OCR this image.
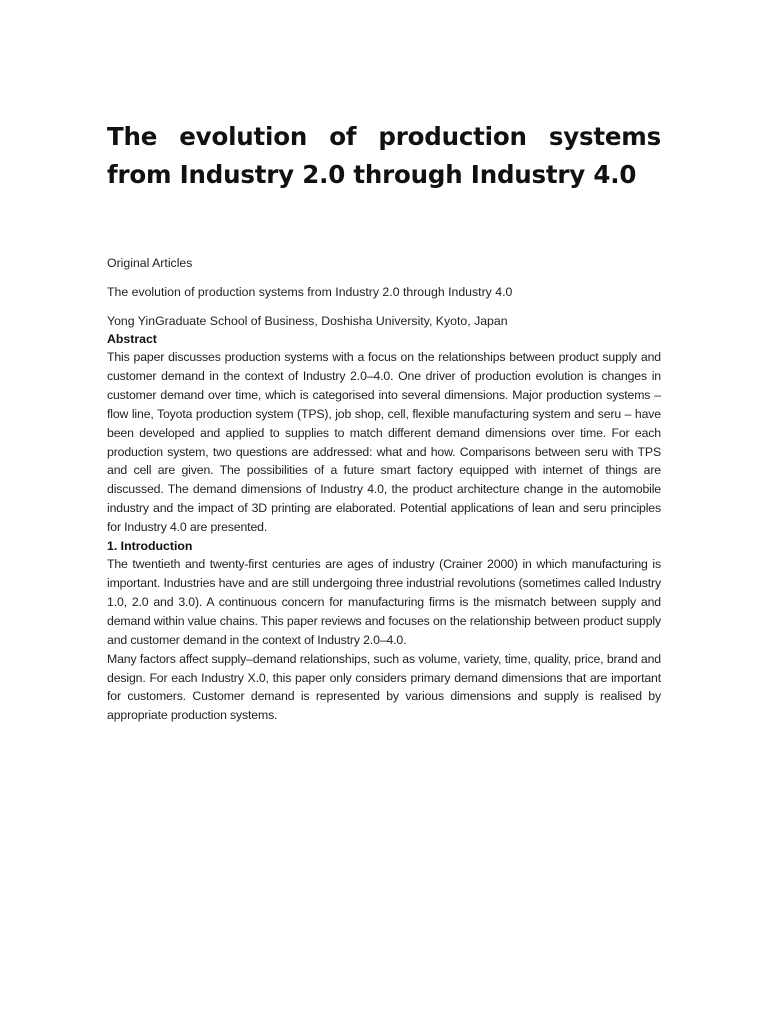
The evolution of production systems from Industry 2.0 through Industry 4.0

Original Articles

The evolution of production systems from Industry 2.0 through Industry 4.0

Yong YinGraduate School of Business, Doshisha University, Kyoto, Japan

Abstract

This paper discusses production systems with a focus on the relationships between product supply and customer demand in the context of Industry 2.0–4.0. One driver of production evolution is changes in customer demand over time, which is categorised into several dimensions. Major production systems – flow line, Toyota production system (TPS), job shop, cell, flexible manufacturing system and seru – have been developed and applied to supplies to match different demand dimensions over time. For each production system, two questions are addressed: what and how. Comparisons between seru with TPS and cell are given. The possibilities of a future smart factory equipped with internet of things are discussed. The demand dimensions of Industry 4.0, the product architecture change in the automobile industry and the impact of 3D printing are elaborated. Potential applications of lean and seru principles for Industry 4.0 are presented.

1. Introduction

The twentieth and twenty-first centuries are ages of industry (Crainer 2000) in which manufacturing is important. Industries have and are still undergoing three industrial revolutions (sometimes called Industry 1.0, 2.0 and 3.0). A continuous concern for manufacturing firms is the mismatch between supply and demand within value chains. This paper reviews and focuses on the relationship between product supply and customer demand in the context of Industry 2.0–4.0.

Many factors affect supply–demand relationships, such as volume, variety, time, quality, price, brand and design. For each Industry X.0, this paper only considers primary demand dimensions that are important for customers. Customer demand is represented by various dimensions and supply is realised by appropriate production systems.
